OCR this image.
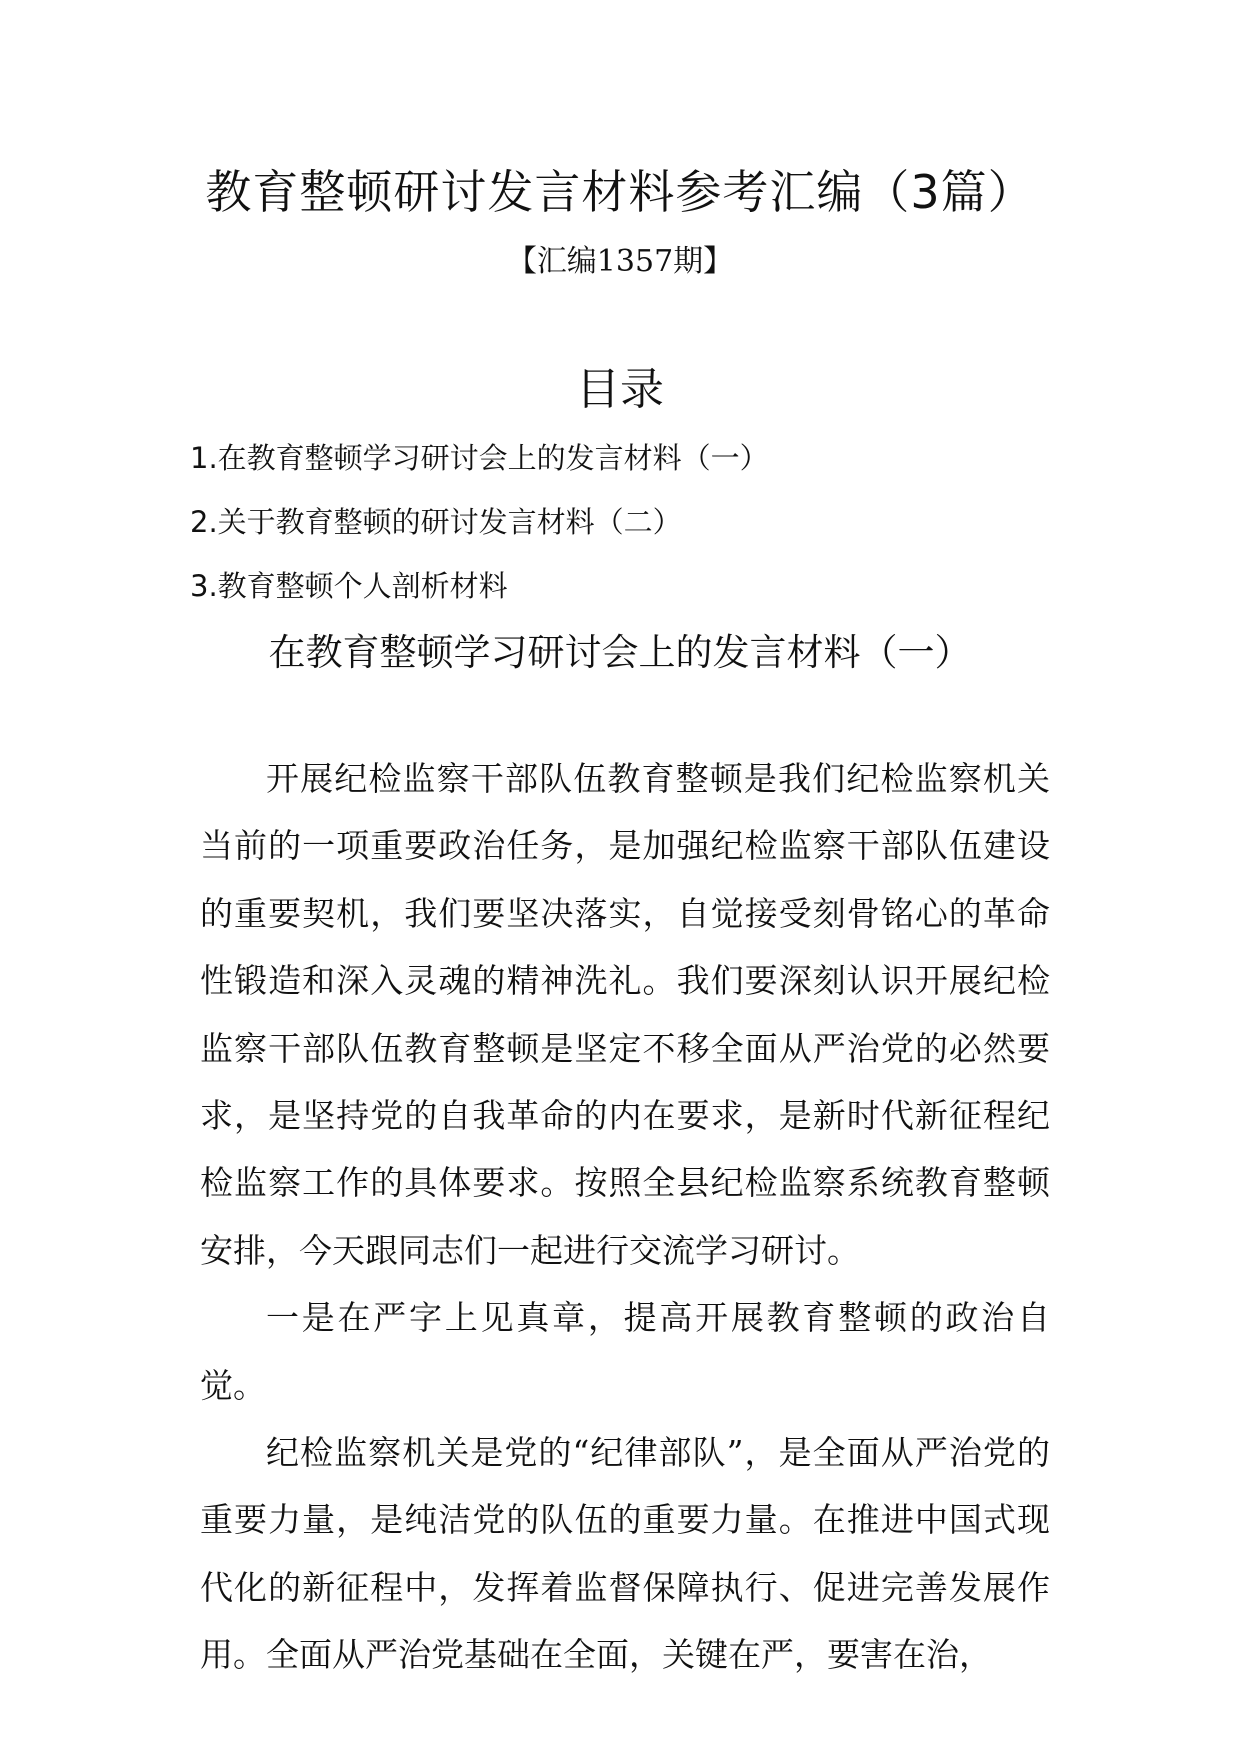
教育整顿研讨发言材料参考汇编（3篇）
【汇编1357期】
目录
1.在教育整顿学习研讨会上的发言材料（一）
2.关于教育整顿的研讨发言材料（二）
3.教育整顿个人剖析材料
在教育整顿学习研讨会上的发言材料（一）

开展纪检监察干部队伍教育整顿是我们纪检监察机关当前的一项重要政治任务，是加强纪检监察干部队伍建设的重要契机，我们要坚决落实，自觉接受刻骨铭心的革命性锻造和深入灵魂的精神洗礼。我们要深刻认识开展纪检监察干部队伍教育整顿是坚定不移全面从严治党的必然要求，是坚持党的自我革命的内在要求，是新时代新征程纪检监察工作的具体要求。按照全县纪检监察系统教育整顿安排，今天跟同志们一起进行交流学习研讨。

一是在严字上见真章，提高开展教育整顿的政治自觉。

纪检监察机关是党的“纪律部队”，是全面从严治党的重要力量，是纯洁党的队伍的重要力量。在推进中国式现代化的新征程中，发挥着监督保障执行、促进完善发展作用。全面从严治党基础在全面，关键在严，要害在治，
